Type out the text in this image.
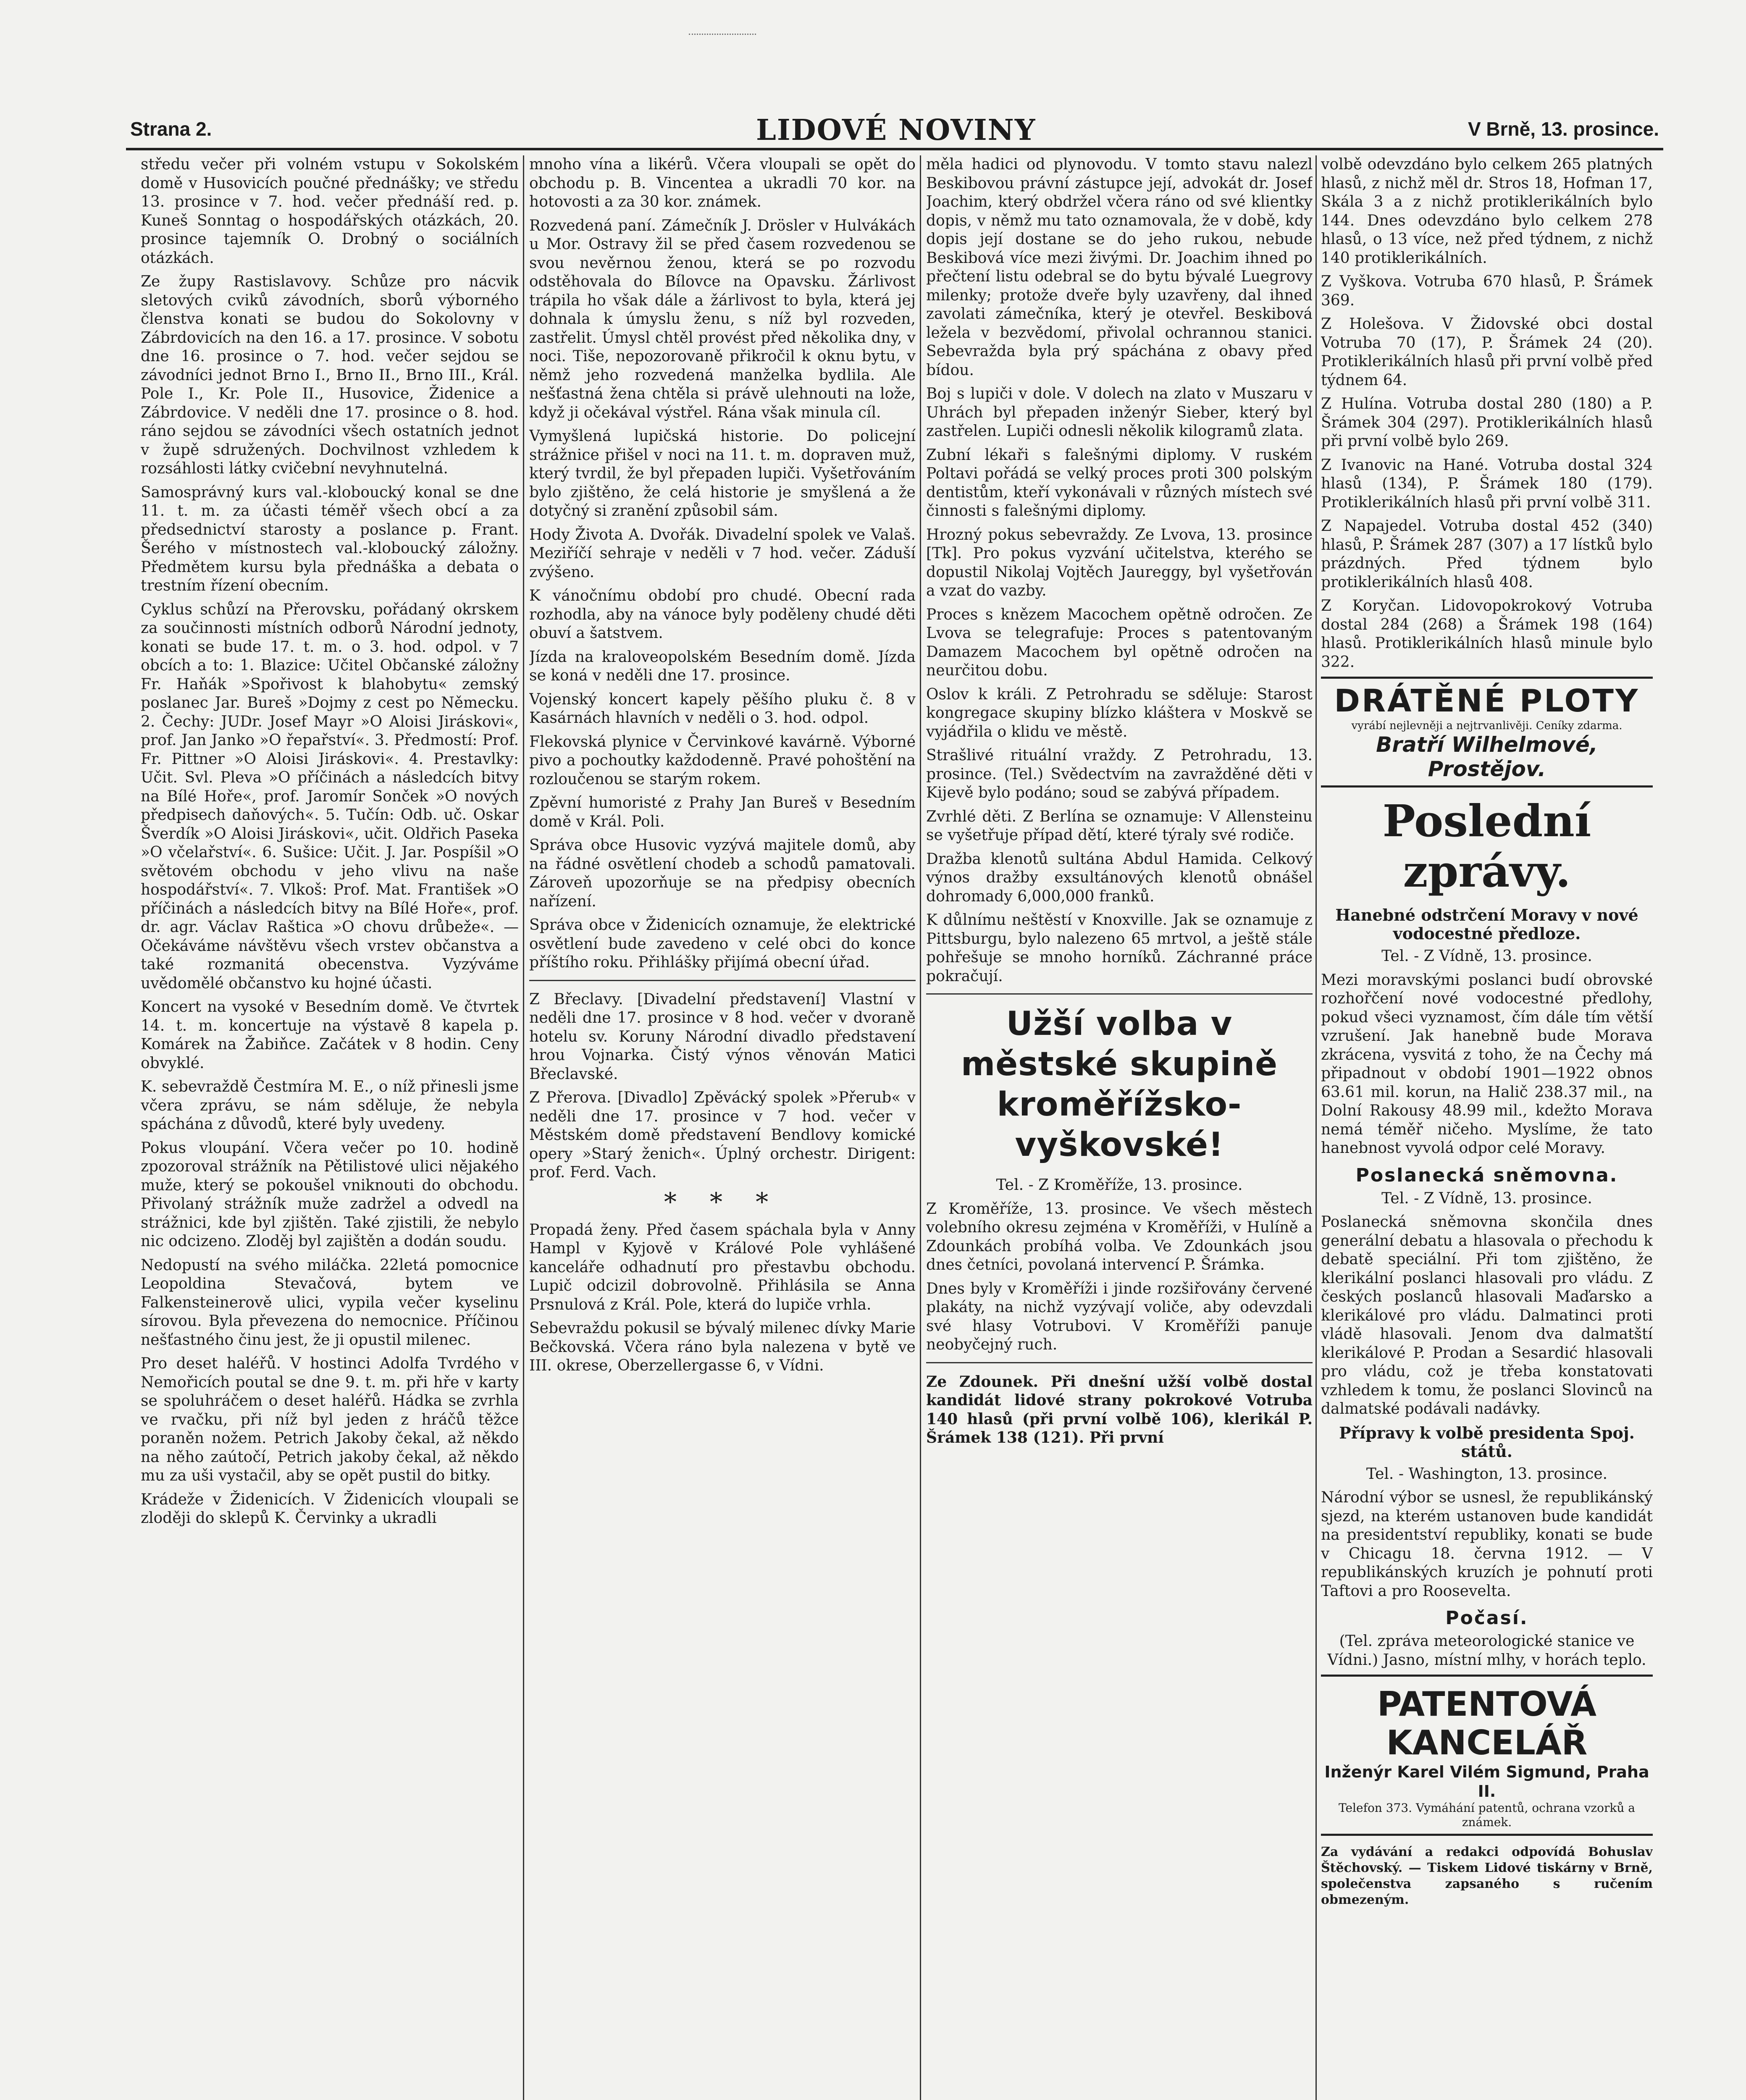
Strana 2.	LIDOVÉ NOVINY	V Brně, 13. prosince.

středu večer při volném vstupu v Sokolském domě v Husovicích poučné přednášky; ve středu 13. prosince v 7. hod. večer přednáší red. p. Kuneš Sonntag o hospodářských otázkách, 20. prosince tajemník O. Drobný o sociálních otázkách.

Ze župy Rastislavovy. Schůze pro nácvik sletových cviků závodních, sborů výborného členstva konati se budou do Sokolovny v Zábrdovicích na den 16. a 17. prosince. V sobotu dne 16. prosince o 7. hod. večer sejdou se závodníci jednot Brno I., Brno II., Brno III., Král. Pole I., Kr. Pole II., Husovice, Židenice a Zábrdovice. V neděli dne 17. prosince o 8. hod. ráno sejdou se závodníci všech ostatních jednot v župě sdružených. Dochvilnost vzhledem k rozsáhlosti látky cvičební nevyhnutelná.

Samosprávný kurs val.-kloboucký konal se dne 11. t. m. za účasti téměř všech obcí a za předsednictví starosty a poslance p. Frant. Šerého v místnostech val.-kloboucký záložny. Předmětem kursu byla přednáška a debata o trestním řízení obecním.

Cyklus schůzí na Přerovsku, pořádaný okrskem za součinnosti místních odborů Národní jednoty, konati se bude 17. t. m. o 3. hod. odpol. v 7 obcích a to: 1. Blazice: Učitel Občanské záložny Fr. Haňák »Spořivost k blahobytu« zemský poslanec Jar. Bureš »Dojmy z cest po Německu. 2. Čechy: JUDr. Josef Mayr »O Aloisi Jiráskovi«, prof. Jan Janko »O řepařství«. 3. Předmostí: Prof. Fr. Pittner »O Aloisi Jiráskovi«. 4. Prestavlky: Učit. Svl. Pleva »O příčinách a následcích bitvy na Bílé Hoře«, prof. Jaromír Sonček »O nových předpisech daňových«. 5. Tučín: Odb. uč. Oskar Šverdík »O Aloisi Jiráskovi«, učit. Oldřich Paseka »O včelařství«. 6. Sušice: Učit. J. Jar. Pospíšil »O světovém obchodu v jeho vlivu na naše hospodářství«. 7. Vlkoš: Prof. Mat. František »O příčinách a následcích bitvy na Bílé Hoře«, prof. dr. agr. Václav Raštica »O chovu drůbeže«. — Očekáváme návštěvu všech vrstev občanstva a také rozmanitá obecenstva. Vyzýváme uvědomělé občanstvo ku hojné účasti.

Koncert na vysoké v Besedním domě. Ve čtvrtek 14. t. m. koncertuje na výstavě 8 kapela p. Komárek na Žabiňce. Začátek v 8 hodin. Ceny obvyklé.

K. sebevraždě Čestmíra M. E., o níž přinesli jsme včera zprávu, se nám sděluje, že nebyla spáchána z důvodů, které byly uvedeny.

Pokus vloupání. Včera večer po 10. hodině zpozoroval strážník na Pětilistové ulici nějakého muže, který se pokoušel vniknouti do obchodu. Přivolaný strážník muže zadržel a odvedl na strážnici, kde byl zjištěn. Také zjistili, že nebylo nic odcizeno. Zloděj byl zajištěn a dodán soudu.

Nedopustí na svého miláčka. 22letá pomocnice Leopoldina Stevačová, bytem ve Falkensteinerově ulici, vypila večer kyselinu sírovou. Byla převezena do nemocnice. Příčinou nešťastného činu jest, že ji opustil milenec.

Pro deset haléřů. V hostinci Adolfa Tvrdého v Nemořicích poutal se dne 9. t. m. při hře v karty se spoluhráčem o deset haléřů. Hádka se zvrhla ve rvačku, při níž byl jeden z hráčů těžce poraněn nožem. Petrich Jakoby čekal, až někdo na něho zaútočí, Petrich jakoby čekal, až někdo mu za uši vystačil, aby se opět pustil do bitky.

Krádeže v Židenicích. V Židenicích vloupali se zloději do sklepů K. Červinky a ukradli

mnoho vína a likérů. Včera vloupali se opět do obchodu p. B. Vincentea a ukradli 70 kor. na hotovosti a za 30 kor. známek.

Rozvedená paní. Zámečník J. Drösler v Hulvákách u Mor. Ostravy žil se před časem rozvedenou se svou nevěrnou ženou, která se po rozvodu odstěhovala do Bílovce na Opavsku. Žárlivost trápila ho však dále a žárlivost to byla, která jej dohnala k úmyslu ženu, s níž byl rozveden, zastřelit. Úmysl chtěl provést před několika dny, v noci. Tiše, nepozorovaně přikročil k oknu bytu, v němž jeho rozvedená manželka bydlila. Ale nešťastná žena chtěla si právě ulehnouti na lože, když ji očekával výstřel. Rána však minula cíl.

Vymyšlená lupičská historie. Do policejní strážnice přišel v noci na 11. t. m. dopraven muž, který tvrdil, že byl přepaden lupiči. Vyšetřováním bylo zjištěno, že celá historie je smyšlená a že dotyčný si zranění způsobil sám.

Hody Života A. Dvořák. Divadelní spolek ve Valaš. Meziříčí sehraje v neděli v 7 hod. večer. Záduší zvýšeno.

K vánočnímu období pro chudé. Obecní rada rozhodla, aby na vánoce byly poděleny chudé děti obuví a šatstvem.

Jízda na kraloveopolském Besedním domě. Jízda se koná v neděli dne 17. prosince.

Vojenský koncert kapely pěšího pluku č. 8 v Kasárnách hlavních v neděli o 3. hod. odpol.

Flekovská plynice v Červinkové kavárně. Výborné pivo a pochoutky každodenně. Pravé pohoštění na rozloučenou se starým rokem.

Zpěvní humoristé z Prahy Jan Bureš v Besedním domě v Král. Poli.

Správa obce Husovic vyzývá majitele domů, aby na řádné osvětlení chodeb a schodů pamatovali. Zároveň upozorňuje se na předpisy obecních nařízení.

Správa obce v Židenicích oznamuje, že elektrické osvětlení bude zavedeno v celé obci do konce příštího roku. Přihlášky přijímá obecní úřad.

Z Břeclavy. [Divadelní představení] Vlastní v neděli dne 17. prosince v 8 hod. večer v dvoraně hotelu sv. Koruny Národní divadlo představení hrou Vojnarka. Čistý výnos věnován Matici Břeclavské.

Z Přerova. [Divadlo] Zpěvácký spolek »Přerub« v neděli dne 17. prosince v 7 hod. večer v Městském domě představení Bendlovy komické opery »Starý ženich«. Úplný orchestr. Dirigent: prof. Ferd. Vach.

* * *

Propadá ženy. Před časem spáchala byla v Anny Hampl v Kyjově v Králové Pole vyhlášené kanceláře odhadnutí pro přestavbu obchodu. Lupič odcizil dobrovolně. Přihlásila se Anna Prsnulová z Král. Pole, která do lupiče vrhla.

Sebevraždu pokusil se bývalý milenec dívky Marie Bečkovská. Včera ráno byla nalezena v bytě ve III. okrese, Oberzellergasse 6, v Vídni.

měla hadici od plynovodu. V tomto stavu nalezl Beskibovou právní zástupce její, advokát dr. Josef Joachim, který obdržel včera ráno od své klientky dopis, v němž mu tato oznamovala, že v době, kdy dopis její dostane se do jeho rukou, nebude Beskibová více mezi živými. Dr. Joachim ihned po přečtení listu odebral se do bytu bývalé Luegrovy milenky; protože dveře byly uzavřeny, dal ihned zavolati zámečníka, který je otevřel. Beskibová ležela v bezvědomí, přivolal ochrannou stanici. Sebevražda byla prý spáchána z obavy před bídou.

Boj s lupiči v dole. V dolech na zlato v Muszaru v Uhrách byl přepaden inženýr Sieber, který byl zastřelen. Lupiči odnesli několik kilogramů zlata.

Zubní lékaři s falešnými diplomy. V ruském Poltavi pořádá se velký proces proti 300 polským dentistům, kteří vykonávali v různých místech své činnosti s falešnými diplomy.

Hrozný pokus sebevraždy. Ze Lvova, 13. prosince [Tk]. Pro pokus vyzvání učitelstva, kterého se dopustil Nikolaj Vojtěch Jaureggy, byl vyšetřován a vzat do vazby.

Proces s knězem Macochem opětně odročen. Ze Lvova se telegrafuje: Proces s patentovaným Damazem Macochem byl opětně odročen na neurčitou dobu.

Oslov k králi. Z Petrohradu se sděluje: Starost kongregace skupiny blízko kláštera v Moskvě se vyjádřila o klidu ve městě.

Strašlivé rituální vraždy. Z Petrohradu, 13. prosince. (Tel.) Svědectvím na zavražděné děti v Kijevě bylo podáno; soud se zabývá případem.

Zvrhlé děti. Z Berlína se oznamuje: V Allensteinu se vyšetřuje případ dětí, které týraly své rodiče.

Dražba klenotů sultána Abdul Hamida. Celkový výnos dražby exsultánových klenotů obnášel dohromady 6,000,000 franků.

K důlnímu neštěstí v Knoxville. Jak se oznamuje z Pittsburgu, bylo nalezeno 65 mrtvol, a ještě stále pohřešuje se mnoho horníků. Záchranné práce pokračují.

Užší volba v městské skupině kroměřížsko-vyškovské!

Tel. - Z Kroměříže, 13. prosince.

Z Kroměříže, 13. prosince. Ve všech městech volebního okresu zejména v Kroměříži, v Hulíně a Zdounkách probíhá volba. Ve Zdounkách jsou dnes četníci, povolaná intervencí P. Šrámka.

Dnes byly v Kroměříži i jinde rozšiřovány červené plakáty, na nichž vyzývají voliče, aby odevzdali své hlasy Votrubovi. V Kroměříži panuje neobyčejný ruch.

Ze Zdounek. Při dnešní užší volbě dostal kandidát lidové strany pokrokové Votruba 140 hlasů (při první volbě 106), klerikál P. Šrámek 138 (121). Při první

volbě odevzdáno bylo celkem 265 platných hlasů, z nichž měl dr. Stros 18, Hofman 17, Skála 3 a z nichž protiklerikálních bylo 144. Dnes odevzdáno bylo celkem 278 hlasů, o 13 více, než před týdnem, z nichž 140 protiklerikálních.

Z Vyškova. Votruba 670 hlasů, P. Šrámek 369.

Z Holešova. V Židovské obci dostal Votruba 70 (17), P. Šrámek 24 (20). Protiklerikálních hlasů při první volbě před týdnem 64.

Z Hulína. Votruba dostal 280 (180) a P. Šrámek 304 (297). Protiklerikálních hlasů při první volbě bylo 269.

Z Ivanovic na Hané. Votruba dostal 324 hlasů (134), P. Šrámek 180 (179). Protiklerikálních hlasů při první volbě 311.

Z Napajedel. Votruba dostal 452 (340) hlasů, P. Šrámek 287 (307) a 17 lístků bylo prázdných. Před týdnem bylo protiklerikálních hlasů 408.

Z Koryčan. Lidovopokrokový Votruba dostal 284 (268) a Šrámek 198 (164) hlasů. Protiklerikálních hlasů minule bylo 322.

DRÁTĚNÉ PLOTY
vyrábí nejlevněji a nejtrvanlivěji. Ceníky zdarma.
Bratří Wilhelmové, Prostějov.
Poslední zprávy.
Hanebné odstrčení Moravy v nové vodocestné předloze.

Tel. - Z Vídně, 13. prosince.

Mezi moravskými poslanci budí obrovské rozhořčení nové vodocestné předlohy, pokud všeci vyznamost, čím dále tím větší vzrušení. Jak hanebně bude Morava zkrácena, vysvitá z toho, že na Čechy má připadnout v období 1901—1922 obnos 63.61 mil. korun, na Halič 238.37 mil., na Dolní Rakousy 48.99 mil., kdežto Morava nemá téměř ničeho. Myslíme, že tato hanebnost vyvolá odpor celé Moravy.

Poslanecká sněmovna.

Tel. - Z Vídně, 13. prosince.

Poslanecká sněmovna skončila dnes generální debatu a hlasovala o přechodu k debatě speciální. Při tom zjištěno, že klerikální poslanci hlasovali pro vládu. Z českých poslanců hlasovali Maďarsko a klerikálové pro vládu. Dalmatinci proti vládě hlasovali. Jenom dva dalmatští klerikálové P. Prodan a Sesardić hlasovali pro vládu, což je třeba konstatovati vzhledem k tomu, že poslanci Slovinců na dalmatské podávali nadávky.

Přípravy k volbě presidenta Spoj. států.

Tel. - Washington, 13. prosince.

Národní výbor se usnesl, že republikánský sjezd, na kterém ustanoven bude kandidát na presidentství republiky, konati se bude v Chicagu 18. června 1912. — V republikánských kruzích je pohnutí proti Taftovi a pro Roosevelta.

Počasí.

(Tel. zpráva meteorologické stanice ve Vídni.) Jasno, místní mlhy, v horách teplo.

PATENTOVÁ KANCELÁŘ
Inženýr Karel Vilém Sigmund, Praha II.
Telefon 373. Vymáhání patentů, ochrana vzorků a známek.

Za vydávání a redakci odpovídá Bohuslav Štěchovský. — Tiskem Lidové tiskárny v Brně, společenstva zapsaného s ručením obmezeným.
